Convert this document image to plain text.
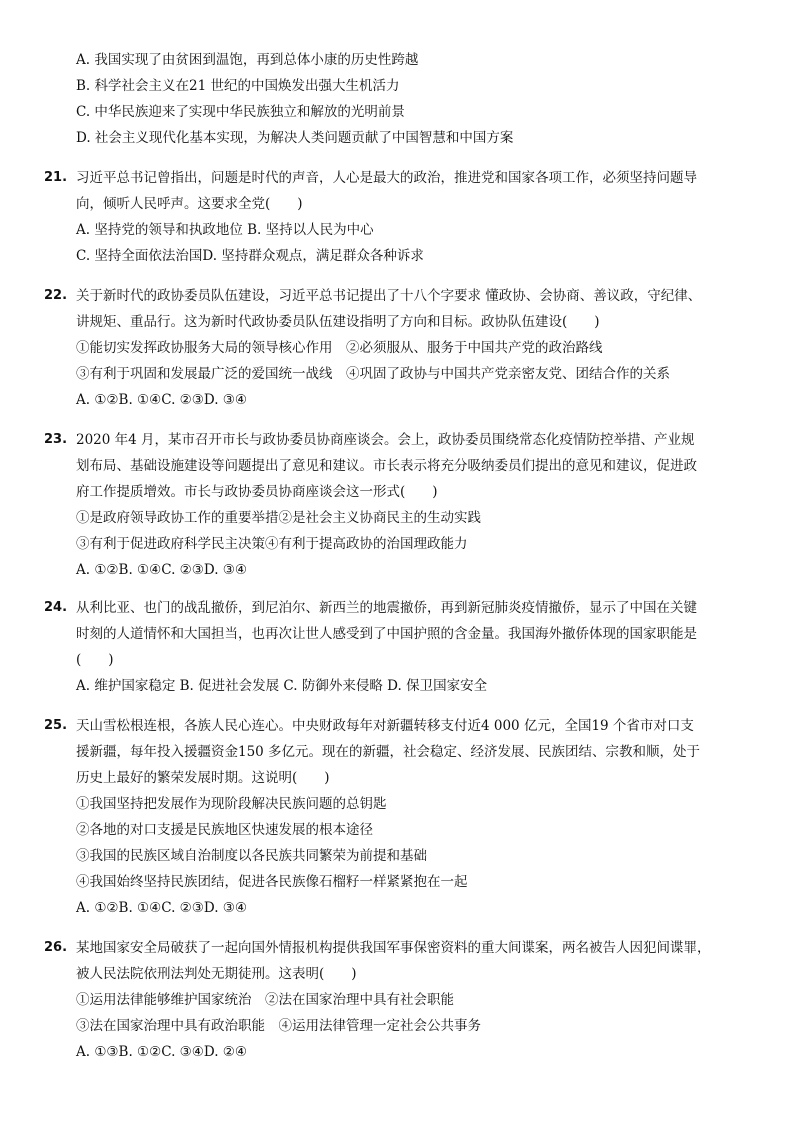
A. 我国实现了由贫困到温饱，再到总体小康的历史性跨越
B. 科学社会主义在21 世纪的中国焕发出强大生机活力
C. 中华民族迎来了实现中华民族独立和解放的光明前景
D. 社会主义现代化基本实现，为解决人类问题贡献了中国智慧和中国方案
21. 习近平总书记曾指出，问题是时代的声音，人心是最大的政治，推进党和国家各项工作，必须坚持问题导
向，倾听人民呼声。这要求全党(　　)
A. 坚持党的领导和执政地位 B. 坚持以人民为中心
C. 坚持全面依法治国D. 坚持群众观点，满足群众各种诉求
22. 关于新时代的政协委员队伍建设，习近平总书记提出了十八个字要求 懂政协、会协商、善议政，守纪律、
讲规矩、重品行。这为新时代政协委员队伍建设指明了方向和目标。政协队伍建设(　　)
①能切实发挥政协服务大局的领导核心作用　②必须服从、服务于中国共产党的政治路线
③有利于巩固和发展最广泛的爱国统一战线　④巩固了政协与中国共产党亲密友党、团结合作的关系
A. ①②B. ①④C. ②③D. ③④
23. 2020 年4 月，某市召开市长与政协委员协商座谈会。会上，政协委员围绕常态化疫情防控举措、产业规
划布局、基础设施建设等问题提出了意见和建议。市长表示将充分吸纳委员们提出的意见和建议，促进政
府工作提质增效。市长与政协委员协商座谈会这一形式(　　)
①是政府领导政协工作的重要举措②是社会主义协商民主的生动实践
③有利于促进政府科学民主决策④有利于提高政协的治国理政能力
A. ①②B. ①④C. ②③D. ③④
24. 从利比亚、也门的战乱撤侨，到尼泊尔、新西兰的地震撤侨，再到新冠肺炎疫情撤侨，显示了中国在关键
时刻的人道情怀和大国担当，也再次让世人感受到了中国护照的含金量。我国海外撤侨体现的国家职能是
(　　)
A. 维护国家稳定 B. 促进社会发展 C. 防御外来侵略 D. 保卫国家安全
25. 天山雪松根连根，各族人民心连心。中央财政每年对新疆转移支付近4 000 亿元，全国19 个省市对口支
援新疆，每年投入援疆资金150 多亿元。现在的新疆，社会稳定、经济发展、民族团结、宗教和顺，处于
历史上最好的繁荣发展时期。这说明(　　)
①我国坚持把发展作为现阶段解决民族问题的总钥匙
②各地的对口支援是民族地区快速发展的根本途径
③我国的民族区域自治制度以各民族共同繁荣为前提和基础
④我国始终坚持民族团结，促进各民族像石榴籽一样紧紧抱在一起
A. ①②B. ①④C. ②③D. ③④
26. 某地国家安全局破获了一起向国外情报机构提供我国军事保密资料的重大间谍案，两名被告人因犯间谍罪，
被人民法院依刑法判处无期徒刑。这表明(　　)
①运用法律能够维护国家统治　②法在国家治理中具有社会职能
③法在国家治理中具有政治职能　④运用法律管理一定社会公共事务
A. ①③B. ①②C. ③④D. ②④
